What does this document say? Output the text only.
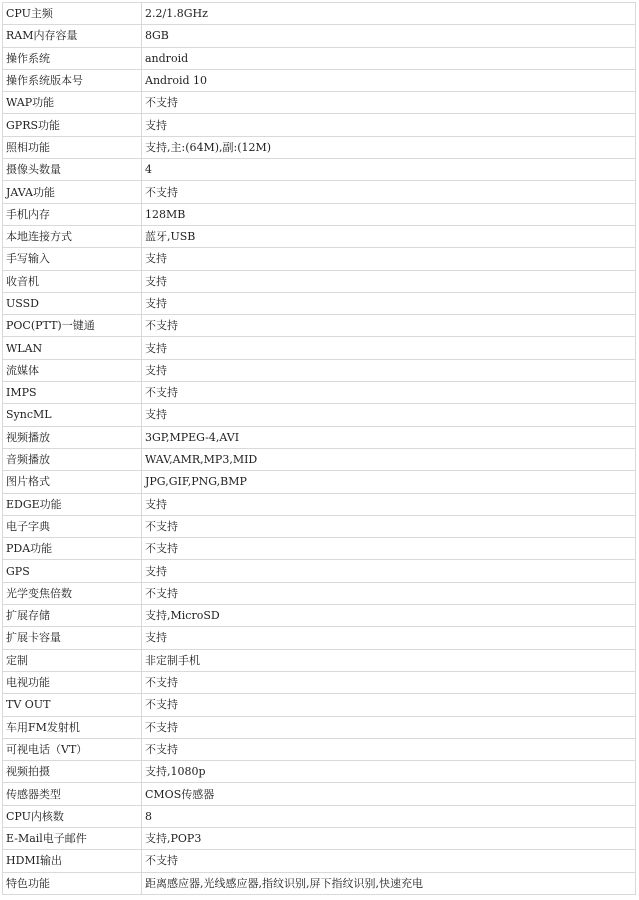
CPU主频	2.2/1.8GHz
RAM内存容量	8GB
操作系统	android
操作系统版本号	Android 10
WAP功能	不支持
GPRS功能	支持
照相功能	支持,主:(64M),副:(12M)
摄像头数量	4
JAVA功能	不支持
手机内存	128MB
本地连接方式	蓝牙,USB
手写输入	支持
收音机	支持
USSD	支持
POC(PTT)一键通	不支持
WLAN	支持
流媒体	支持
IMPS	不支持
SyncML	支持
视频播放	3GP,MPEG-4,AVI
音频播放	WAV,AMR,MP3,MID
图片格式	JPG,GIF,PNG,BMP
EDGE功能	支持
电子字典	不支持
PDA功能	不支持
GPS	支持
光学变焦倍数	不支持
扩展存储	支持,MicroSD
扩展卡容量	支持
定制	非定制手机
电视功能	不支持
TV OUT	不支持
车用FM发射机	不支持
可视电话（VT）	不支持
视频拍摄	支持,1080p
传感器类型	CMOS传感器
CPU内核数	8
E-Mail电子邮件	支持,POP3
HDMI输出	不支持
特色功能	距离感应器,光线感应器,指纹识别,屏下指纹识别,快速充电
